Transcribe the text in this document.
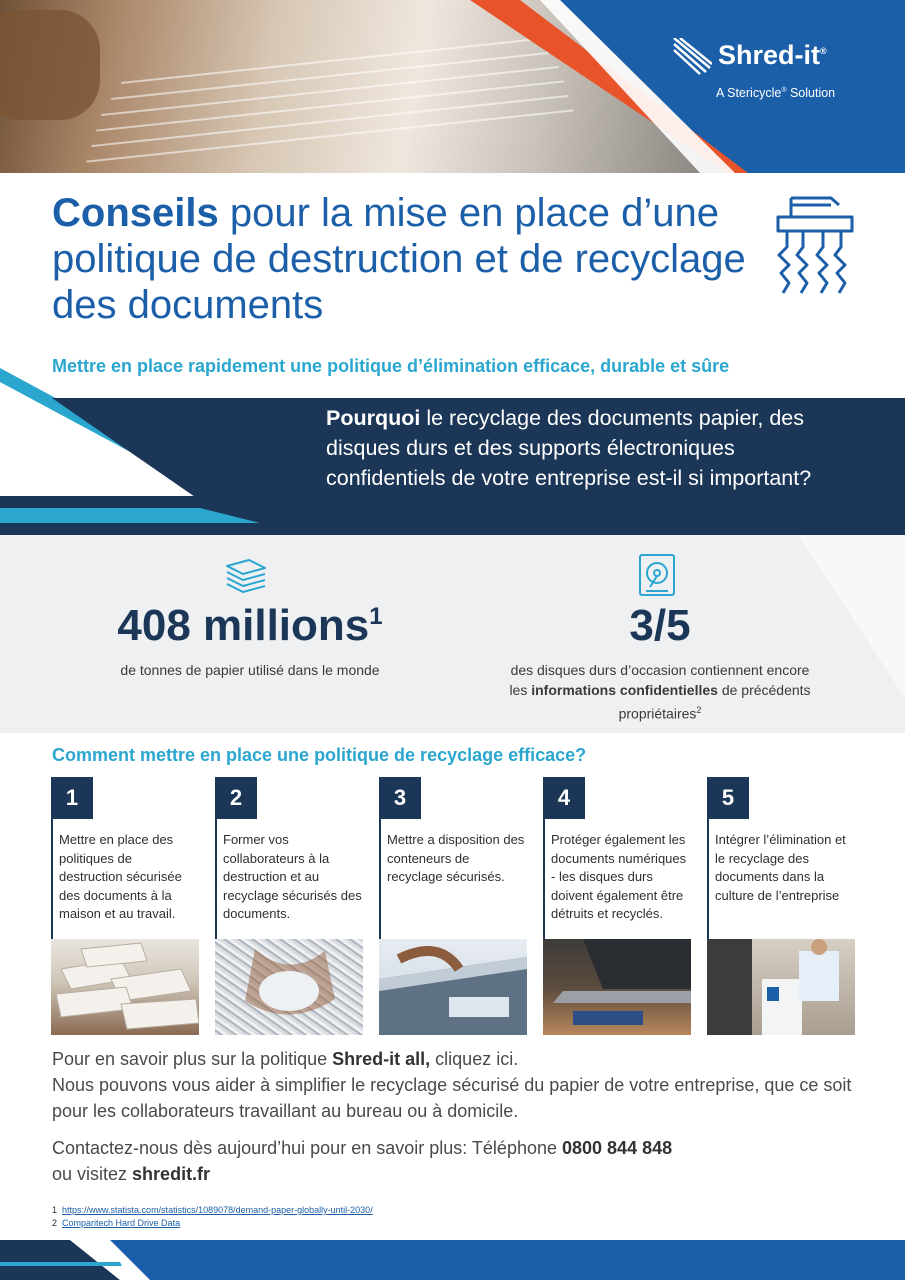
Shred-it®
A Stericycle® Solution
Conseils pour la mise en place d’une politique de destruction et de recyclage des documents

Mettre en place rapidement une politique d’élimination efficace, durable et sûre

Pourquoi le recyclage des documents papier, des disques durs et des supports électroniques confidentiels de votre entreprise est-il si important?

408 millions$^1$
de tonnes de papier utilisé dans le monde
3/5
des disques durs d’occasion contiennent encore les informations confidentielles de précédents propriétaires$^2$

Comment mettre en place une politique de recyclage efficace?

1
Mettre en place des politiques de destruction sécurisée des documents à la maison et au travail.
2
Former vos collaborateurs à la destruction et au recyclage sécurisés des documents.
3
Mettre a disposition des conteneurs de recyclage sécurisés.
4
Protéger également les documents numériques - les disques durs doivent également être détruits et recyclés.
5
Intégrer l’élimination et le recyclage des documents dans la culture de l’entreprise

Pour en savoir plus sur la politique Shred-it all, cliquez ici.
Nous pouvons vous aider à simplifier le recyclage sécurisé du papier de votre entreprise, que ce soit pour les collaborateurs travaillant au bureau ou à domicile.

Contactez-nous dès aujourd’hui pour en savoir plus: Téléphone 0800 844 848
ou visitez shredit.fr

1 https://www.statista.com/statistics/1089078/demand-paper-globally-until-2030/
2 Comparitech Hard Drive Data
